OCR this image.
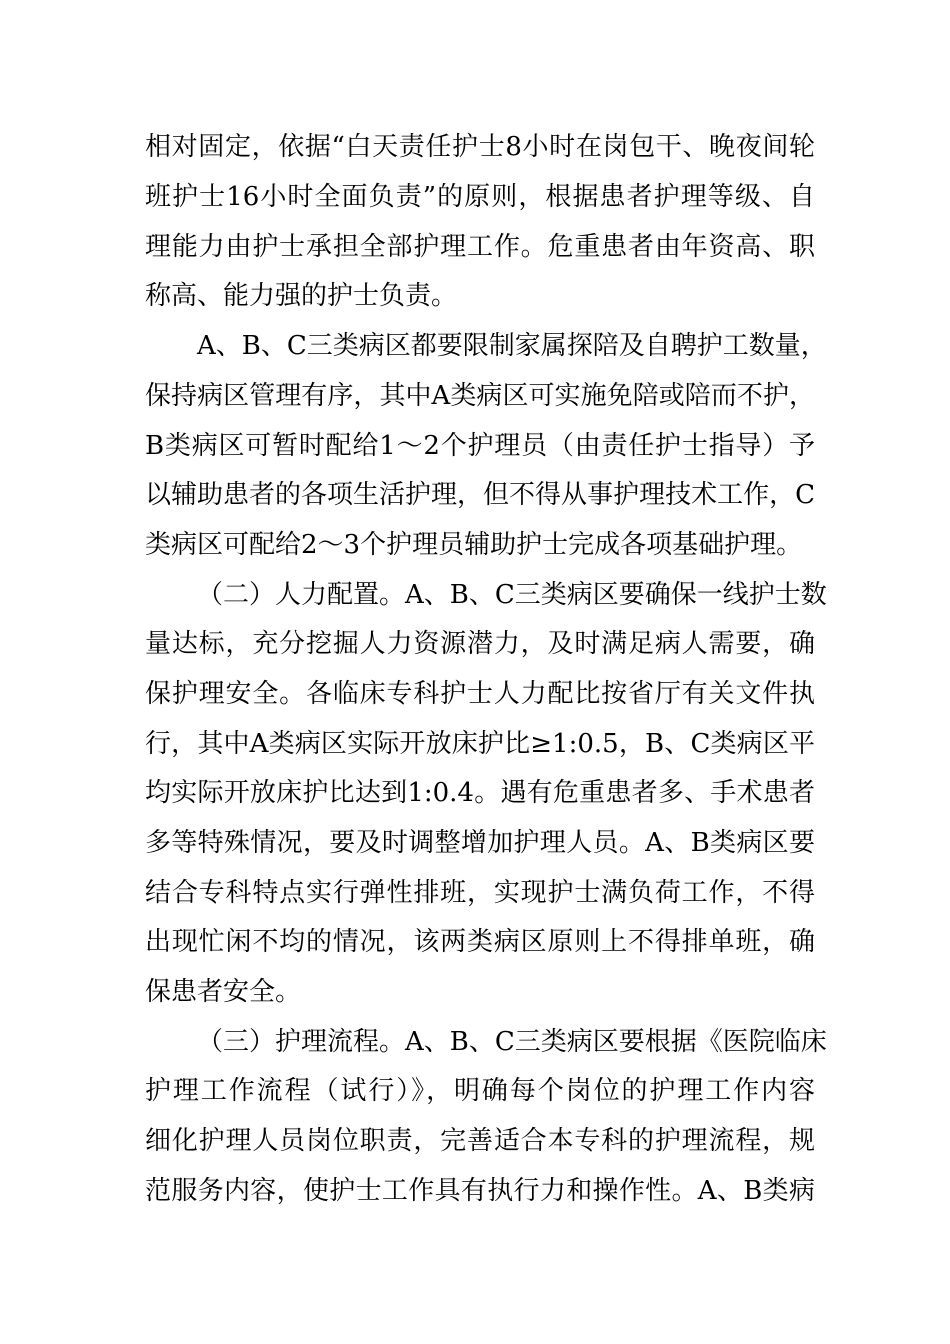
相对固定，依据“白天责任护士8小时在岗包干、晚夜间轮
班护士16小时全面负责”的原则，根据患者护理等级、自
理能力由护士承担全部护理工作。危重患者由年资高、职
称高、能力强的护士负责。
A、B、C三类病区都要限制家属探陪及自聘护工数量，
保持病区管理有序，其中A类病区可实施免陪或陪而不护，
B类病区可暂时配给1～2个护理员（由责任护士指导）予
以辅助患者的各项生活护理，但不得从事护理技术工作，C
类病区可配给2～3个护理员辅助护士完成各项基础护理。
（二）人力配置。A、B、C三类病区要确保一线护士数
量达标，充分挖掘人力资源潜力，及时满足病人需要，确
保护理安全。各临床专科护士人力配比按省厅有关文件执
行，其中A类病区实际开放床护比≥1:0.5，B、C类病区平
均实际开放床护比达到1:0.4。遇有危重患者多、手术患者
多等特殊情况，要及时调整增加护理人员。A、B类病区要
结合专科特点实行弹性排班，实现护士满负荷工作，不得
出现忙闲不均的情况，该两类病区原则上不得排单班，确
保患者安全。
（三）护理流程。A、B、C三类病区要根据《医院临床
护理工作流程（试行）》，明确每个岗位的护理工作内容
细化护理人员岗位职责，完善适合本专科的护理流程，规
范服务内容，使护士工作具有执行力和操作性。A、B类病
